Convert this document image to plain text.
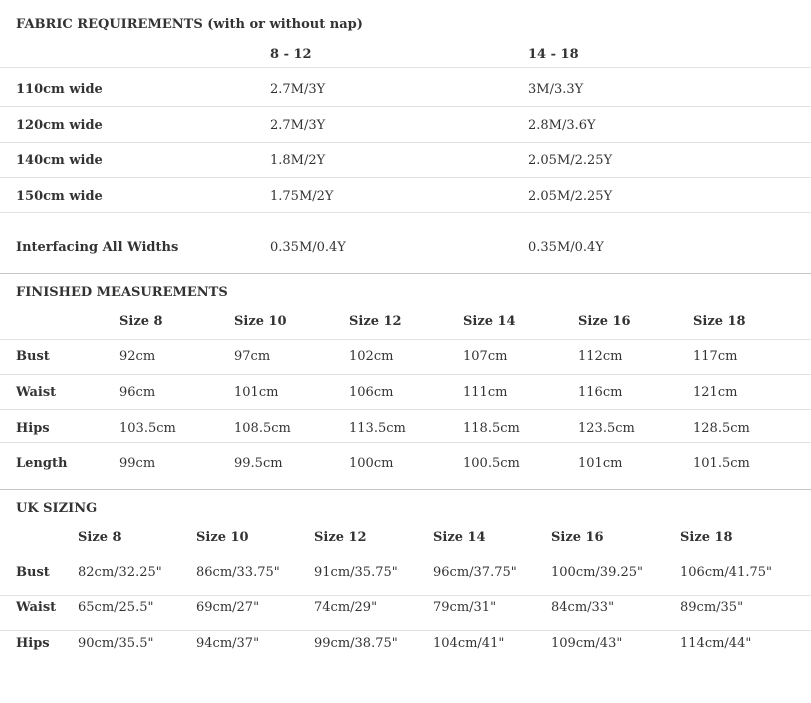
FABRIC REQUIREMENTS (with or without nap)
8 - 12	14 - 18
110cm wide	2.7M/3Y	3M/3.3Y
120cm wide	2.7M/3Y	2.8M/3.6Y
140cm wide	1.8M/2Y	2.05M/2.25Y
150cm wide	1.75M/2Y	2.05M/2.25Y
Interfacing All Widths	0.35M/0.4Y	0.35M/0.4Y
FINISHED MEASUREMENTS
Size 8	Size 10	Size 12	Size 14	Size 16	Size 18
Bust	92cm	97cm	102cm	107cm	112cm	117cm
Waist	96cm	101cm	106cm	111cm	116cm	121cm
Hips	103.5cm	108.5cm	113.5cm	118.5cm	123.5cm	128.5cm
Length	99cm	99.5cm	100cm	100.5cm	101cm	101.5cm
UK SIZING
Size 8	Size 10	Size 12	Size 14	Size 16	Size 18
Bust 82cm/32.25"	86cm/33.75"	91cm/35.75"	96cm/37.75"	100cm/39.25"	106cm/41.75"
Waist 65cm/25.5"	69cm/27"	74cm/29"	79cm/31"	84cm/33"	89cm/35"
Hips 90cm/35.5"	94cm/37"	99cm/38.75"	104cm/41"	109cm/43"	114cm/44"
